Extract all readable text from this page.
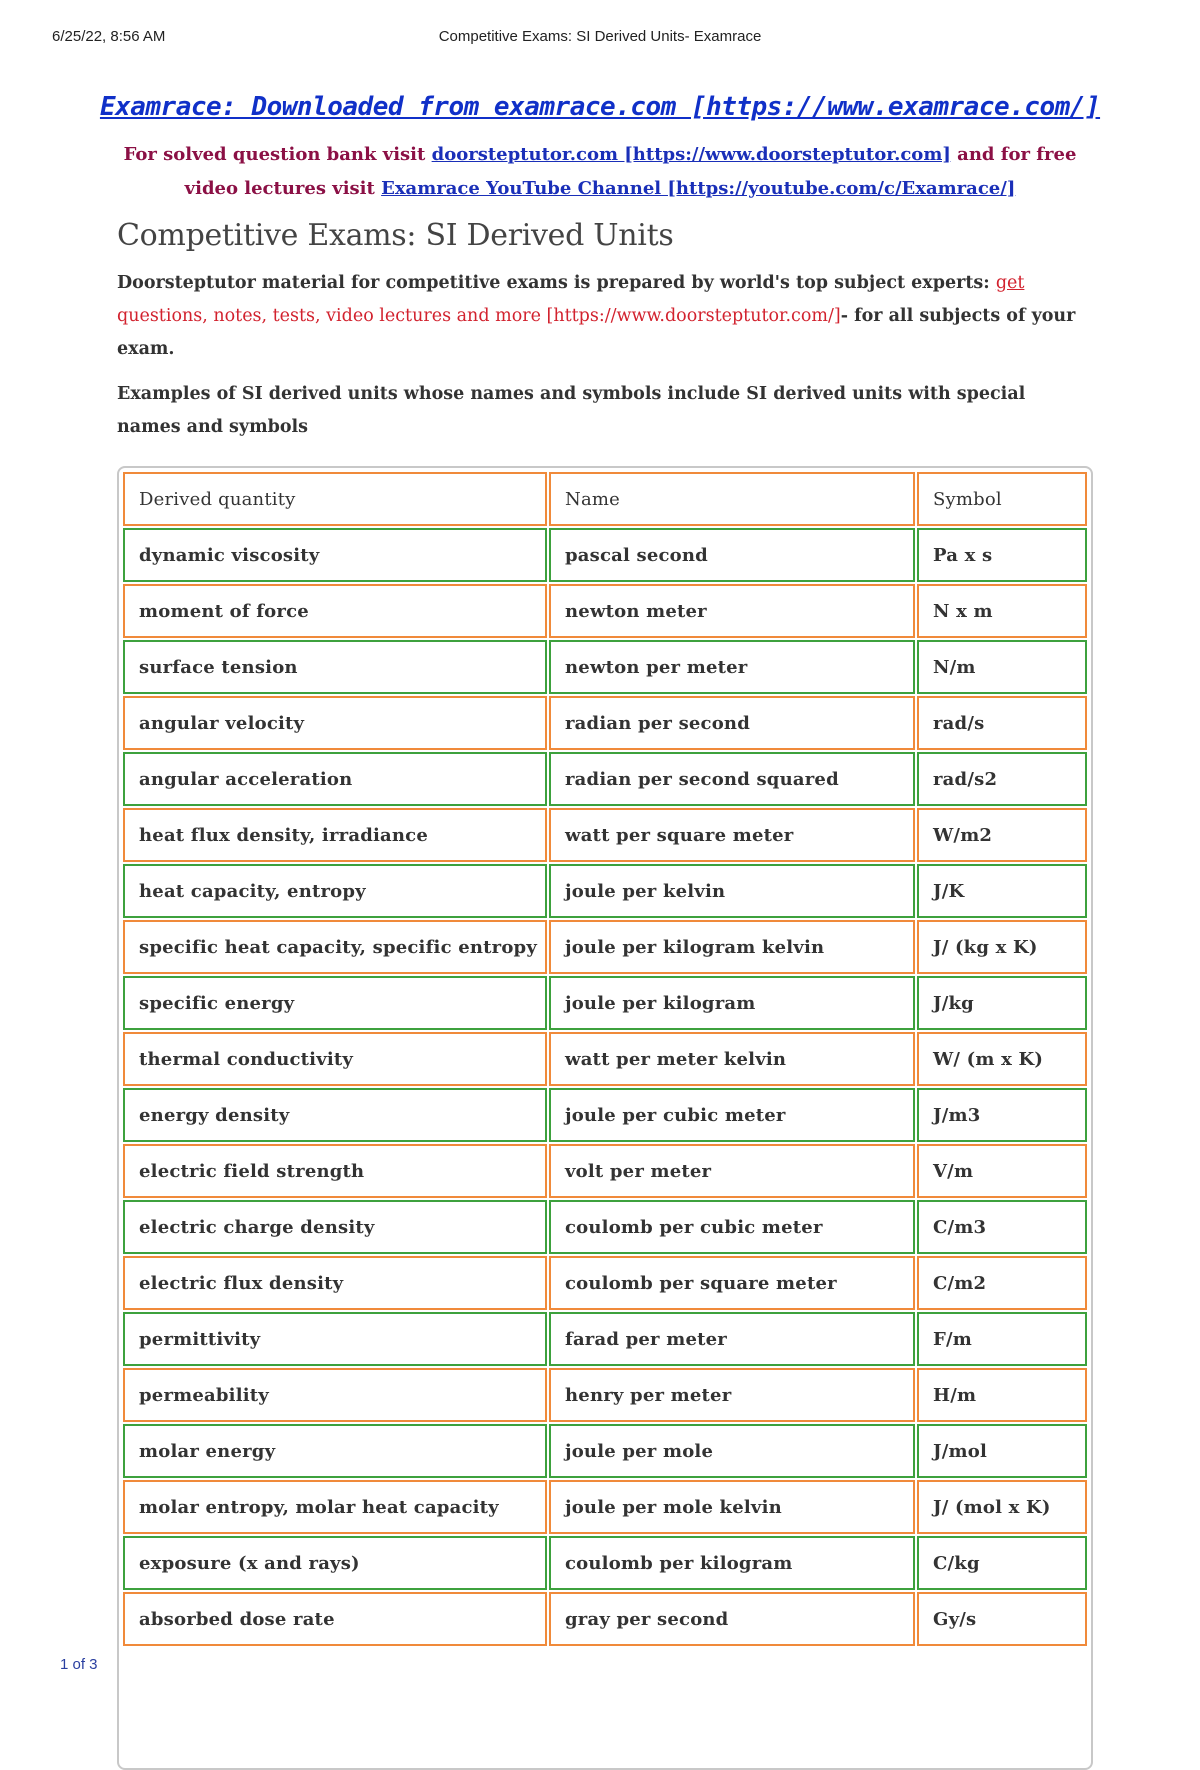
6/25/22, 8:56 AM	Competitive Exams: SI Derived Units- Examrace
Examrace: Downloaded from examrace.com [https://www.examrace.com/]
For solved question bank visit doorsteptutor.com [https://www.doorsteptutor.com] and for free video lectures visit Examrace YouTube Channel [https://youtube.com/c/Examrace/]
Competitive Exams: SI Derived Units

Doorsteptutor material for competitive exams is prepared by world's top subject experts: get questions, notes, tests, video lectures and more [https://www.doorsteptutor.com/]- for all subjects of your exam.

Examples of SI derived units whose names and symbols include SI derived units with special names and symbols

Derived quantity	Name	Symbol
dynamic viscosity	pascal second	Pa x s
moment of force	newton meter	N x m
surface tension	newton per meter	N/m
angular velocity	radian per second	rad/s
angular acceleration	radian per second squared	rad/s2
heat flux density, irradiance	watt per square meter	W/m2
heat capacity, entropy	joule per kelvin	J/K
specific heat capacity, specific entropy	joule per kilogram kelvin	J/ (kg x K)
specific energy	joule per kilogram	J/kg
thermal conductivity	watt per meter kelvin	W/ (m x K)
energy density	joule per cubic meter	J/m3
electric field strength	volt per meter	V/m
electric charge density	coulomb per cubic meter	C/m3
electric flux density	coulomb per square meter	C/m2
permittivity	farad per meter	F/m
permeability	henry per meter	H/m
molar energy	joule per mole	J/mol
molar entropy, molar heat capacity	joule per mole kelvin	J/ (mol x K)
exposure (x and rays)	coulomb per kilogram	C/kg
absorbed dose rate	gray per second	Gy/s
1 of 3
